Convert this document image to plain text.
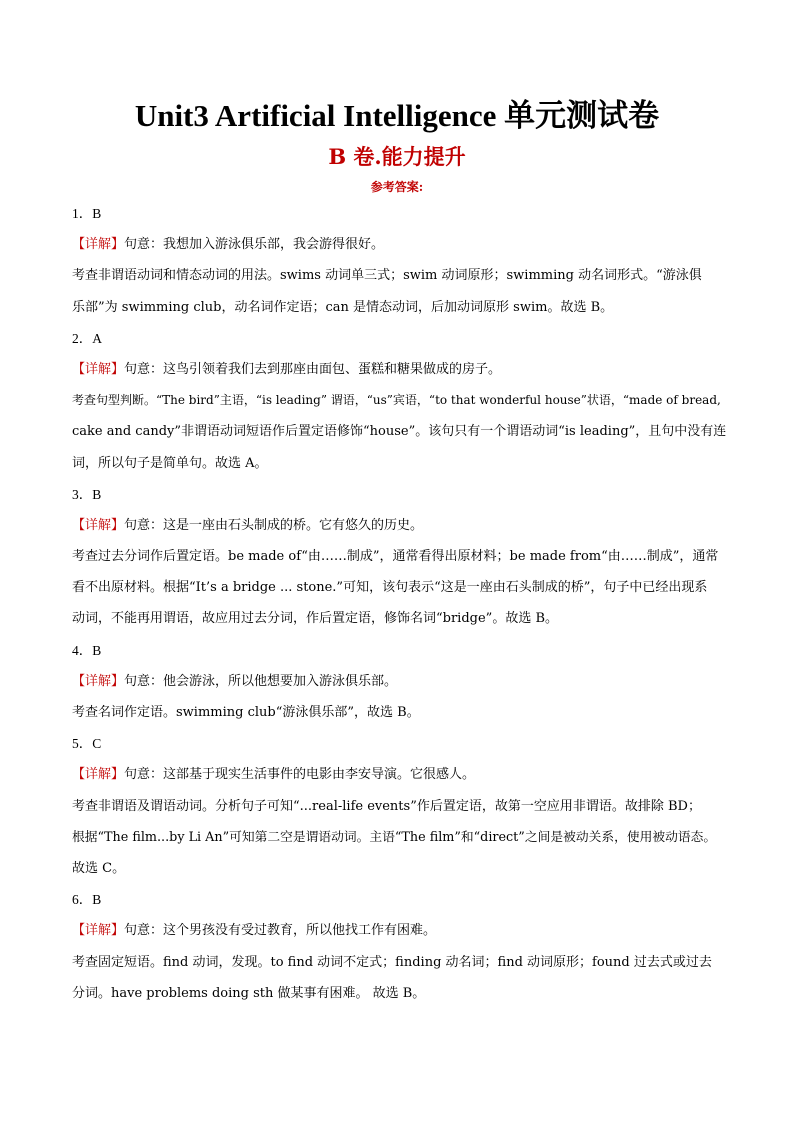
Unit3 Artificial Intelligence 单元测试卷
B 卷.能力提升
参考答案:
1．B
【详解】句意：我想加入游泳俱乐部，我会游得很好。
考查非谓语动词和情态动词的用法。swims 动词单三式；swim 动词原形；swimming 动名词形式。“游泳俱
乐部”为 swimming club，动名词作定语；can 是情态动词，后加动词原形 swim。故选 B。
2．A
【详解】句意：这鸟引领着我们去到那座由面包、蛋糕和糖果做成的房子。
考查句型判断。“The bird”主语，“is leading” 谓语，“us”宾语，“to that wonderful house”状语，“made of bread,
cake and candy”非谓语动词短语作后置定语修饰“house”。该句只有一个谓语动词“is leading”，且句中没有连
词，所以句子是简单句。故选 A。
3．B
【详解】句意：这是一座由石头制成的桥。它有悠久的历史。
考查过去分词作后置定语。be made of“由……制成”，通常看得出原材料；be made from“由……制成”，通常
看不出原材料。根据“It’s a bridge ... stone.”可知，该句表示“这是一座由石头制成的桥”，句子中已经出现系
动词，不能再用谓语，故应用过去分词，作后置定语，修饰名词“bridge”。故选 B。
4．B
【详解】句意：他会游泳，所以他想要加入游泳俱乐部。
考查名词作定语。swimming club“游泳俱乐部”，故选 B。
5．C
【详解】句意：这部基于现实生活事件的电影由李安导演。它很感人。
考查非谓语及谓语动词。分析句子可知“...real-life events”作后置定语，故第一空应用非谓语。故排除 BD；
根据“The film...by Li An”可知第二空是谓语动词。主语“The film”和“direct”之间是被动关系，使用被动语态。
故选 C。
6．B
【详解】句意：这个男孩没有受过教育，所以他找工作有困难。
考查固定短语。find 动词，发现。to find 动词不定式；finding 动名词；find 动词原形；found 过去式或过去
分词。have problems doing sth 做某事有困难。 故选 B。
